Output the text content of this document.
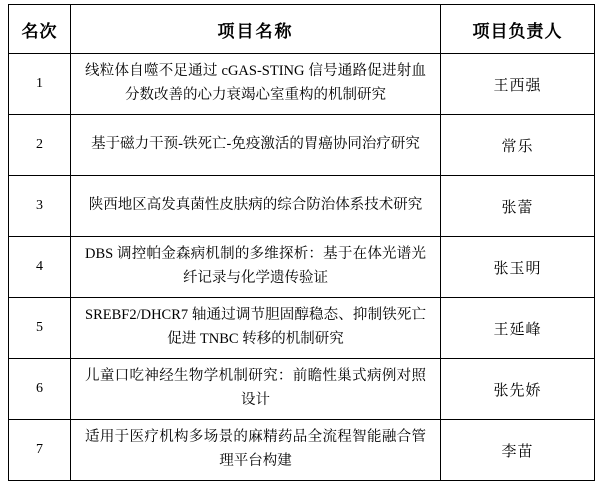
名次	项目名称	项目负责人
1	线粒体自噬不足通过 cGAS-STING 信号通路促进射血分数改善的心力衰竭心室重构的机制研究	王西强
2	基于磁力干预-铁死亡-免疫激活的胃癌协同治疗研究	常乐
3	陕西地区高发真菌性皮肤病的综合防治体系技术研究	张蕾
4	DBS 调控帕金森病机制的多维探析：基于在体光谱光纤记录与化学遗传验证	张玉明
5	SREBF2/DHCR7 轴通过调节胆固醇稳态、抑制铁死亡促进 TNBC 转移的机制研究	王延峰
6	儿童口吃神经生物学机制研究：前瞻性巢式病例对照设计	张先娇
7	适用于医疗机构多场景的麻精药品全流程智能融合管理平台构建	李苗
